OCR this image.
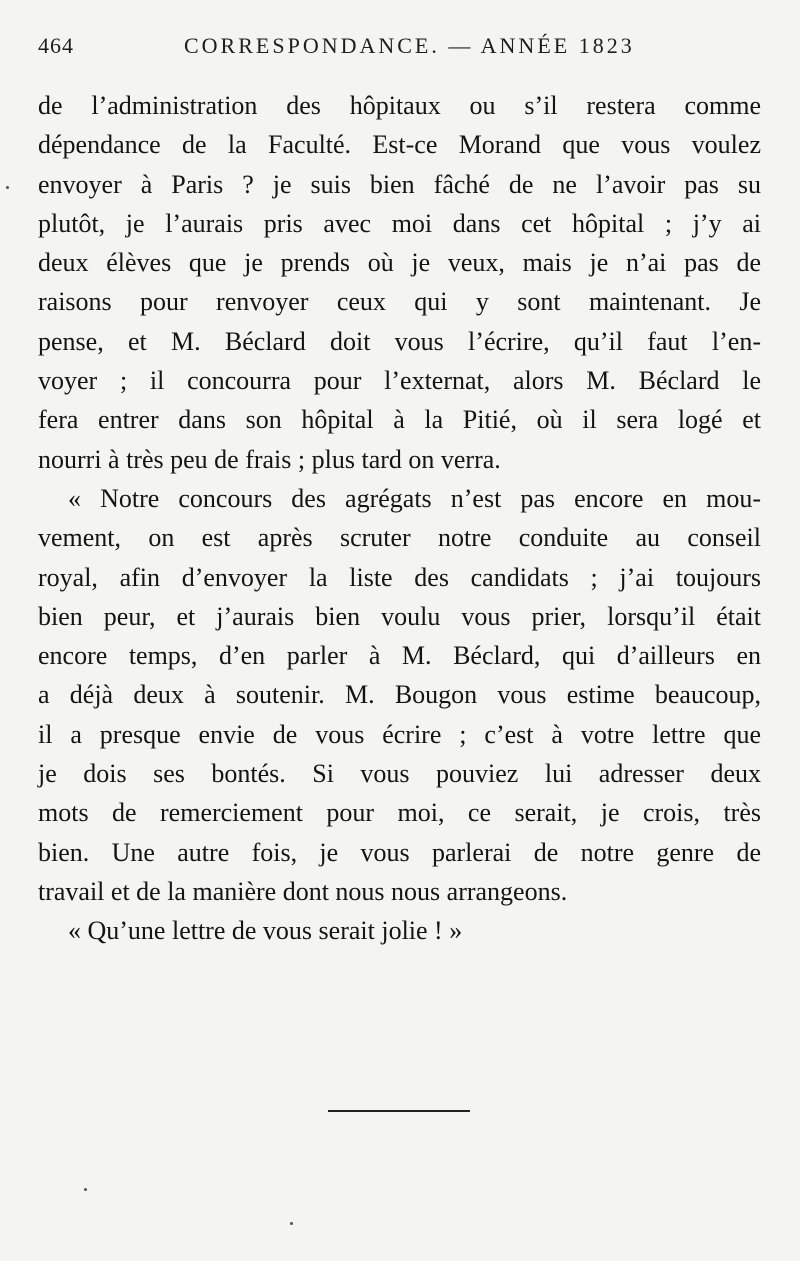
464	CORRESPONDANCE. — ANNÉE 1823
de l’administration des hôpitaux ou s’il restera comme
dépendance de la Faculté. Est-ce Morand que vous voulez
envoyer à Paris ? je suis bien fâché de ne l’avoir pas su
plutôt, je l’aurais pris avec moi dans cet hôpital ; j’y ai
deux élèves que je prends où je veux, mais je n’ai pas de
raisons pour renvoyer ceux qui y sont maintenant. Je
pense, et M. Béclard doit vous l’écrire, qu’il faut l’en-
voyer ; il concourra pour l’externat, alors M. Béclard le
fera entrer dans son hôpital à la Pitié, où il sera logé et
nourri à très peu de frais ; plus tard on verra.
« Notre concours des agrégats n’est pas encore en mou-
vement, on est après scruter notre conduite au conseil
royal, afin d’envoyer la liste des candidats ; j’ai toujours
bien peur, et j’aurais bien voulu vous prier, lorsqu’il était
encore temps, d’en parler à M. Béclard, qui d’ailleurs en
a déjà deux à soutenir. M. Bougon vous estime beaucoup,
il a presque envie de vous écrire ; c’est à votre lettre que
je dois ses bontés. Si vous pouviez lui adresser deux
mots de remerciement pour moi, ce serait, je crois, très
bien. Une autre fois, je vous parlerai de notre genre de
travail et de la manière dont nous nous arrangeons.
« Qu’une lettre de vous serait jolie ! »
